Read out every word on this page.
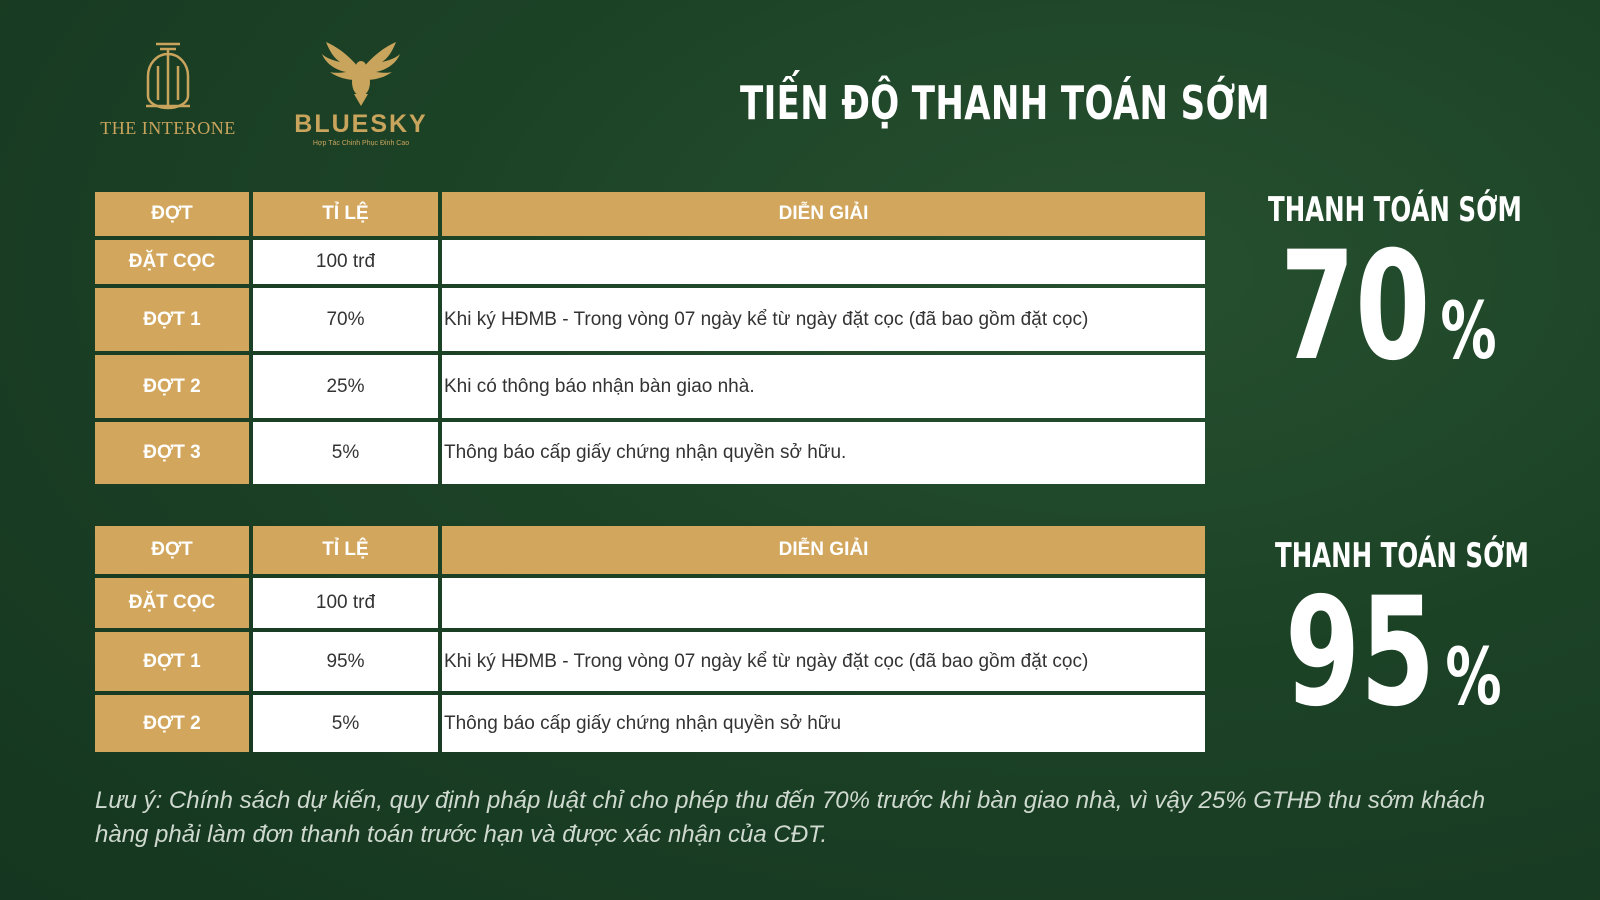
THE INTERONE	BLUESKY
Hợp Tác Chinh Phục Đỉnh Cao
TIẾN ĐỘ THANH TOÁN SỚM
ĐỢT	TỈ LỆ	DIỄN GIẢI
ĐẶT CỌC	100 trđ	
ĐỢT 1	70%	Khi ký HĐMB - Trong vòng 07 ngày kể từ ngày đặt cọc (đã bao gồm đặt cọc)
ĐỢT 2	25%	Khi có thông báo nhận bàn giao nhà.
ĐỢT 3	5%	Thông báo cấp giấy chứng nhận quyền sở hữu.
ĐỢT	TỈ LỆ	DIỄN GIẢI
ĐẶT CỌC	100 trđ	
ĐỢT 1	95%	Khi ký HĐMB - Trong vòng 07 ngày kể từ ngày đặt cọc (đã bao gồm đặt cọc)
ĐỢT 2	5%	Thông báo cấp giấy chứng nhận quyền sở hữu
THANH TOÁN SỚM
70 %
THANH TOÁN SỚM
95 %
Lưu ý: Chính sách dự kiến, quy định pháp luật chỉ cho phép thu đến 70% trước khi bàn giao nhà, vì vậy 25% GTHĐ thu sớm khách hàng phải làm đơn thanh toán trước hạn và được xác nhận của CĐT.
